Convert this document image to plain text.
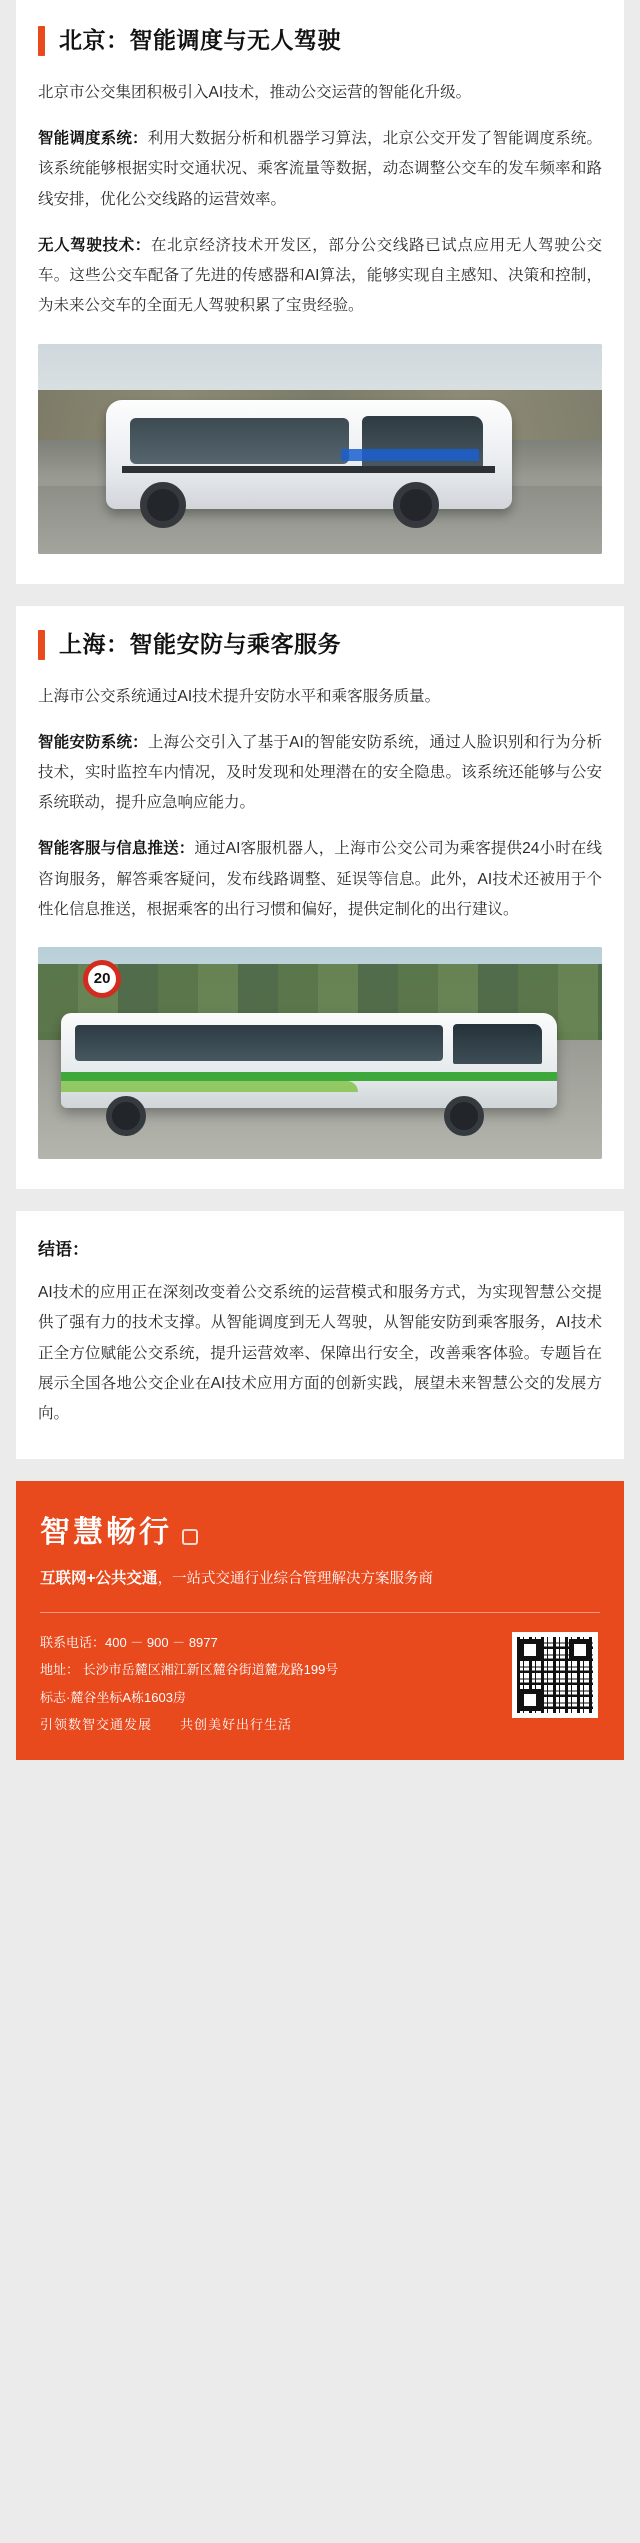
北京：智能调度与无人驾驶

北京市公交集团积极引入AI技术，推动公交运营的智能化升级。

智能调度系统：利用大数据分析和机器学习算法，北京公交开发了智能调度系统。该系统能够根据实时交通状况、乘客流量等数据，动态调整公交车的发车频率和路线安排，优化公交线路的运营效率。

无人驾驶技术：在北京经济技术开发区，部分公交线路已试点应用无人驾驶公交车。这些公交车配备了先进的传感器和AI算法，能够实现自主感知、决策和控制，为未来公交车的全面无人驾驶积累了宝贵经验。

上海：智能安防与乘客服务

上海市公交系统通过AI技术提升安防水平和乘客服务质量。

智能安防系统：上海公交引入了基于AI的智能安防系统，通过人脸识别和行为分析技术，实时监控车内情况，及时发现和处理潜在的安全隐患。该系统还能够与公安系统联动，提升应急响应能力。

智能客服与信息推送：通过AI客服机器人，上海市公交公司为乘客提供24小时在线咨询服务，解答乘客疑问，发布线路调整、延误等信息。此外，AI技术还被用于个性化信息推送，根据乘客的出行习惯和偏好，提供定制化的出行建议。

20
结语：

AI技术的应用正在深刻改变着公交系统的运营模式和服务方式，为实现智慧公交提供了强有力的技术支撑。从智能调度到无人驾驶，从智能安防到乘客服务，AI技术正全方位赋能公交系统，提升运营效率、保障出行安全，改善乘客体验。专题旨在展示全国各地公交企业在AI技术应用方面的创新实践，展望未来智慧公交的发展方向。

智慧畅行
互联网+公共交通，一站式交通行业综合管理解决方案服务商
联系电话：400 － 900 － 8977
地址： 长沙市岳麓区湘江新区麓谷街道麓龙路199号
标志·麓谷坐标A栋1603房
引领数智交通发展　　共创美好出行生活
